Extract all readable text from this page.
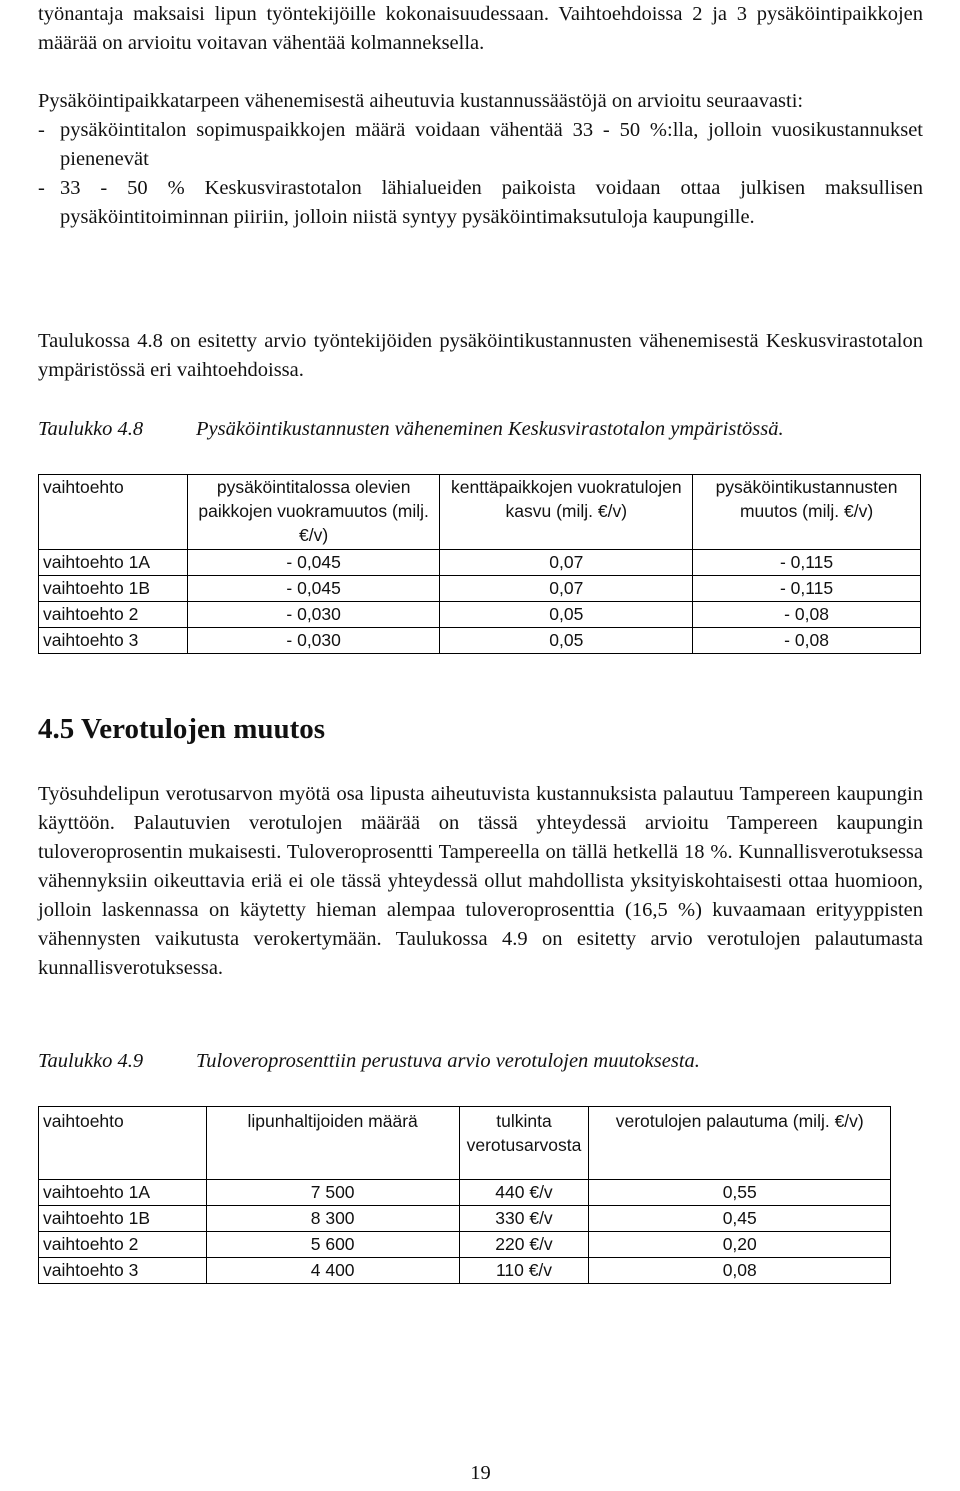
työnantaja maksaisi lipun työntekijöille kokonaisuudessaan. Vaihtoehdoissa 2 ja 3 pysäköintipaikkojen määrää on arvioitu voitavan vähentää kolmanneksella.

Pysäköintipaikkatarpeen vähenemisestä aiheutuvia kustannussäästöjä on arvioitu seuraavasti:

- pysäköintitalon sopimuspaikkojen määrä voidaan vähentää 33 - 50 %:lla, jolloin vuosikustannukset pienenevät
- 33 - 50 % Keskusvirastotalon lähialueiden paikoista voidaan ottaa julkisen maksullisen pysäköintitoiminnan piiriin, jolloin niistä syntyy pysäköintimaksutuloja kaupungille.

Taulukossa 4.8 on esitetty arvio työntekijöiden pysäköintikustannusten vähenemisestä Keskusvirastotalon ympäristössä eri vaihtoehdoissa.

Taulukko 4.8	Pysäköintikustannusten väheneminen Keskusvirastotalon ympäristössä.
vaihtoehto	pysäköintitalossa olevien paikkojen vuokramuutos (milj. €/v)	kenttäpaikkojen vuokratulojen kasvu (milj. €/v)	pysäköintikustannusten muutos (milj. €/v)
vaihtoehto 1A	- 0,045	0,07	- 0,115
vaihtoehto 1B	- 0,045	0,07	- 0,115
vaihtoehto 2	- 0,030	0,05	- 0,08
vaihtoehto 3	- 0,030	0,05	- 0,08
4.5 Verotulojen muutos

Työsuhdelipun verotusarvon myötä osa lipusta aiheutuvista kustannuksista palautuu Tampereen kaupungin käyttöön. Palautuvien verotulojen määrää on tässä yhteydessä arvioitu Tampereen kaupungin tuloveroprosentin mukaisesti. Tuloveroprosentti Tampereella on tällä hetkellä 18 %. Kunnallisverotuksessa vähennyksiin oikeuttavia eriä ei ole tässä yhteydessä ollut mahdollista yksityiskohtaisesti ottaa huomioon, jolloin laskennassa on käytetty hieman alempaa tuloveroprosenttia (16,5 %) kuvaamaan erityyppisten vähennysten vaikutusta verokertymään. Taulukossa 4.9 on esitetty arvio verotulojen palautumasta kunnallisverotuksessa.

Taulukko 4.9	Tuloveroprosenttiin perustuva arvio verotulojen muutoksesta.
vaihtoehto	lipunhaltijoiden määrä	tulkinta verotusarvosta	verotulojen palautuma (milj. €/v)
vaihtoehto 1A	7 500	440 €/v	0,55
vaihtoehto 1B	8 300	330 €/v	0,45
vaihtoehto 2	5 600	220 €/v	0,20
vaihtoehto 3	4 400	110 €/v	0,08
19
